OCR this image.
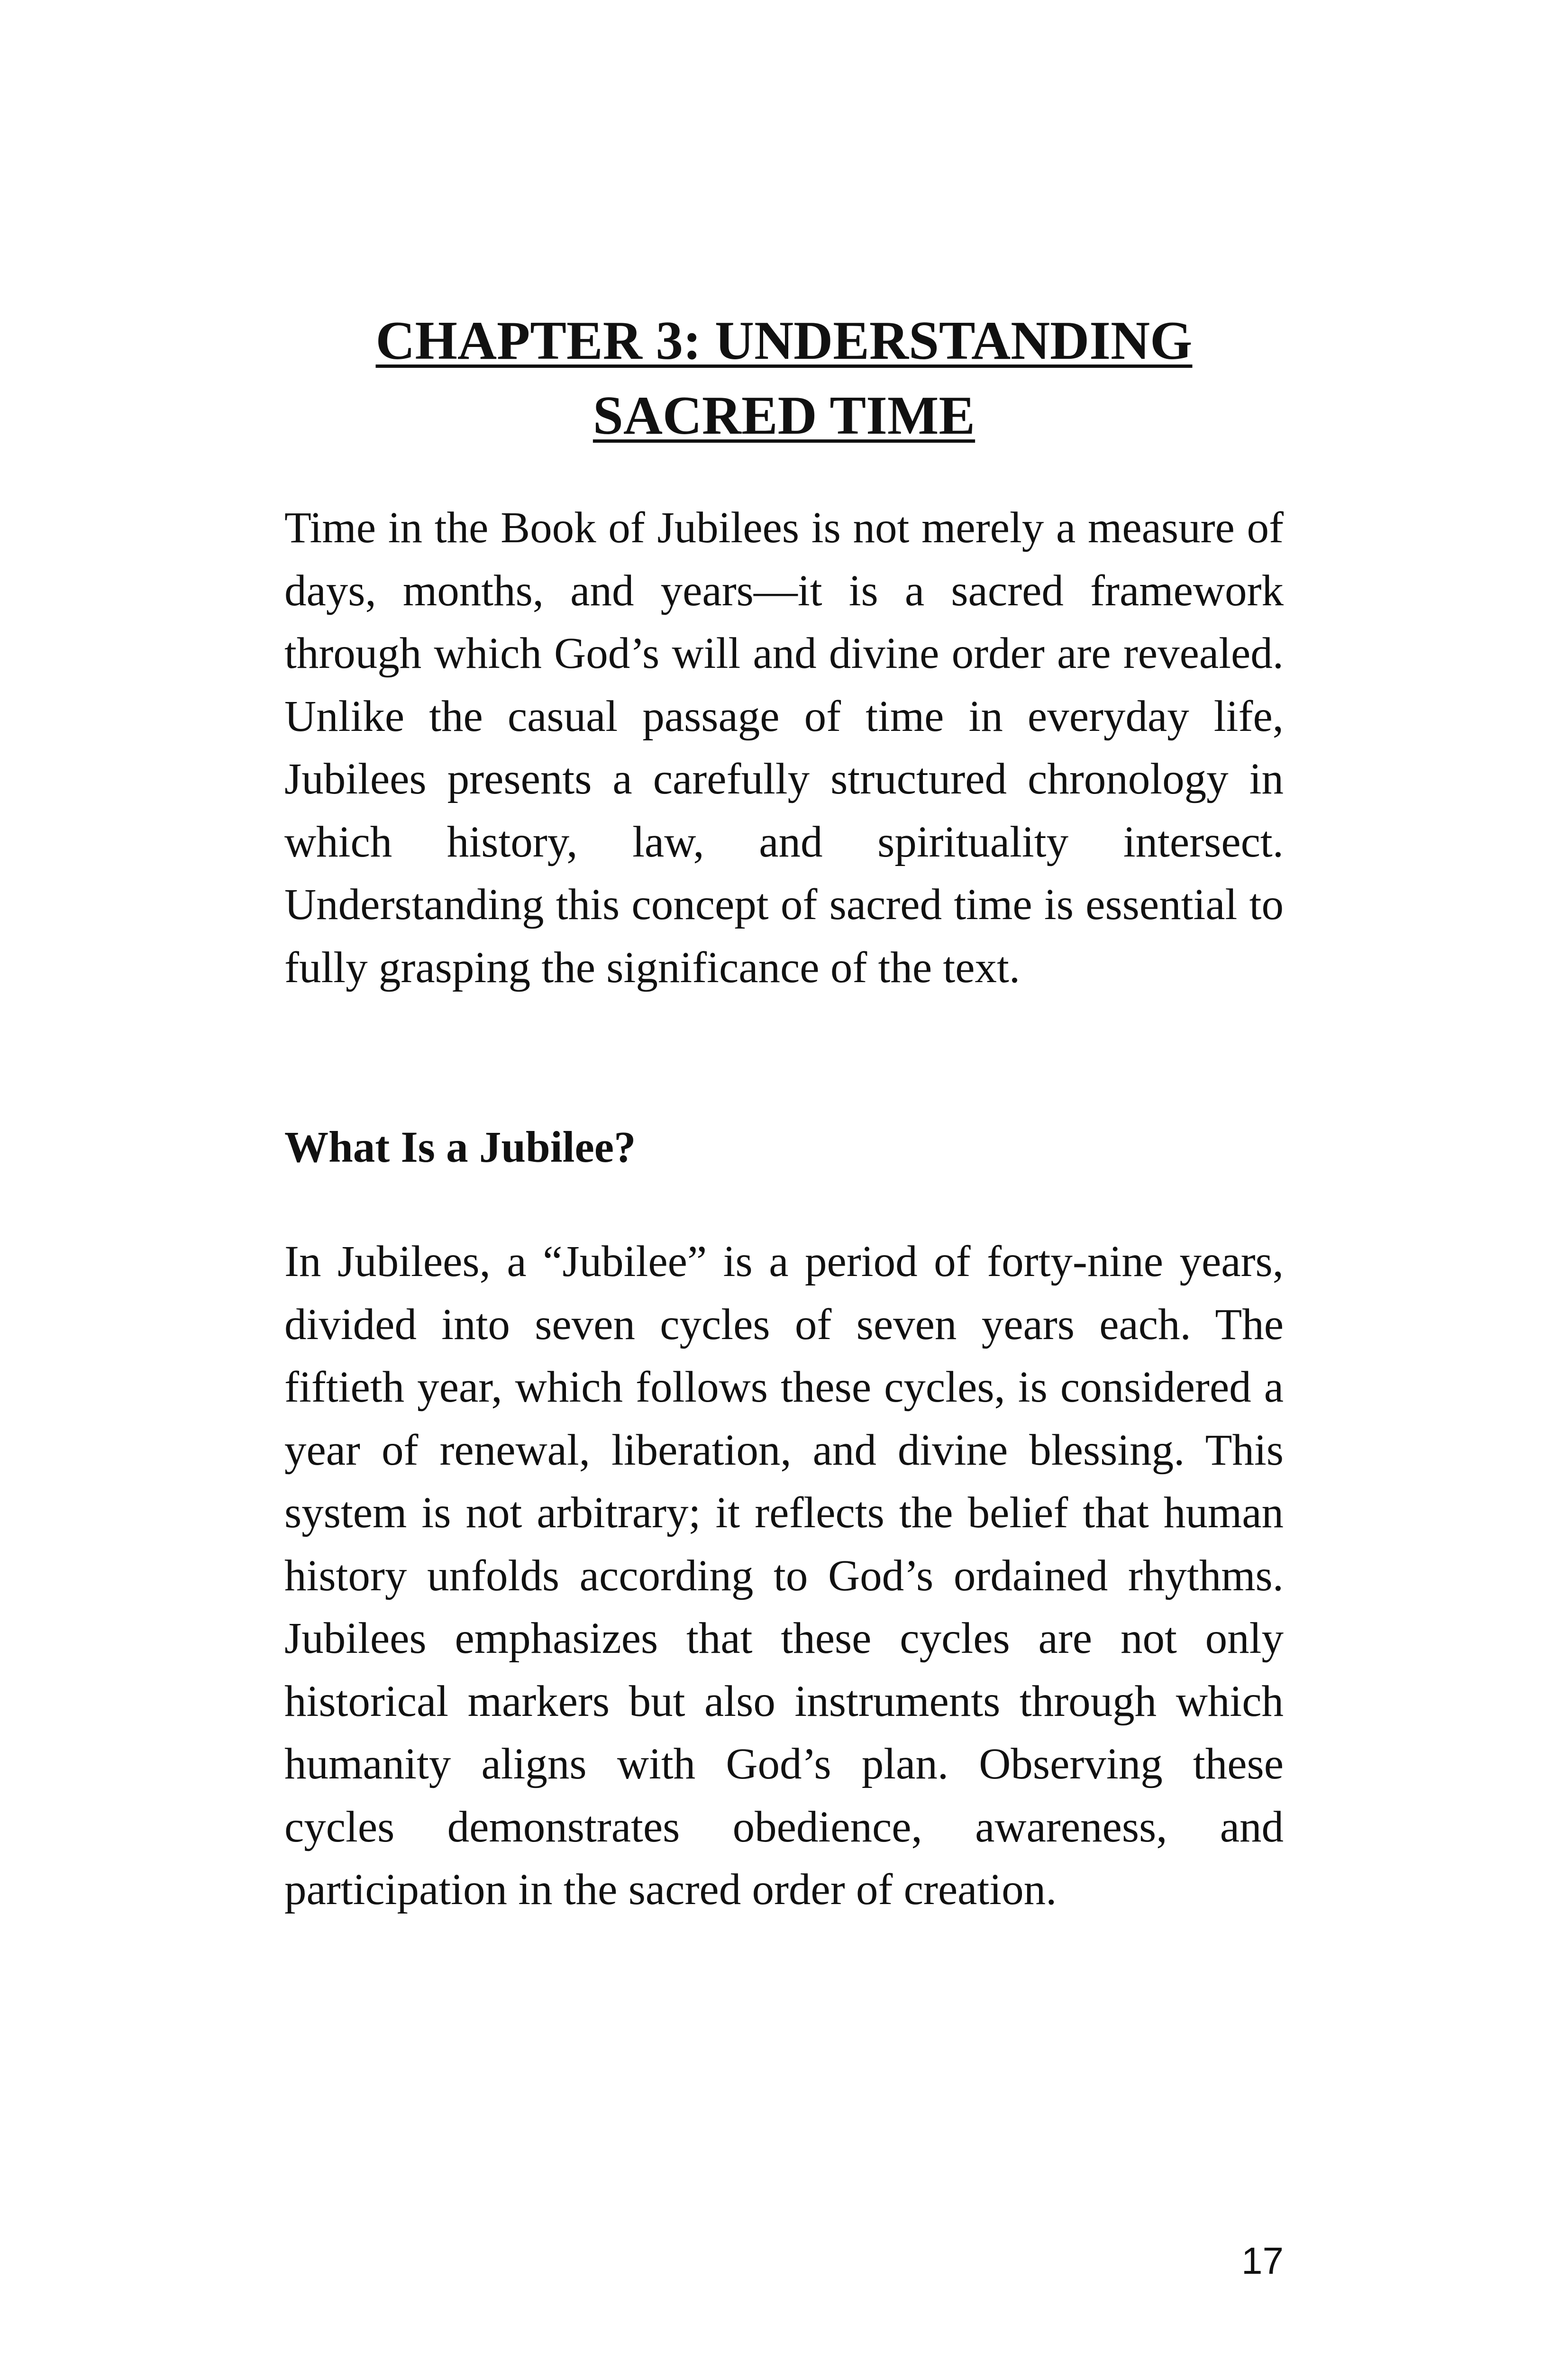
CHAPTER 3: UNDERSTANDING
SACRED TIME

Time in the Book of Jubilees is not merely a measure of days, months, and years—it is a sacred framework through which God’s will and divine order are revealed. Unlike the casual passage of time in everyday life, Jubilees presents a carefully structured chronology in which history, law, and spirituality intersect. Understanding this concept of sacred time is essential to fully grasping the significance of the text.

What Is a Jubilee?

In Jubilees, a “Jubilee” is a period of forty-nine years, divided into seven cycles of seven years each. The fiftieth year, which follows these cycles, is considered a year of renewal, liberation, and divine blessing. This system is not arbitrary; it reflects the belief that human history unfolds according to God’s ordained rhythms. Jubilees emphasizes that these cycles are not only historical markers but also instruments through which humanity aligns with God’s plan. Observing these cycles demonstrates obedience, awareness, and participation in the sacred order of creation.

17
